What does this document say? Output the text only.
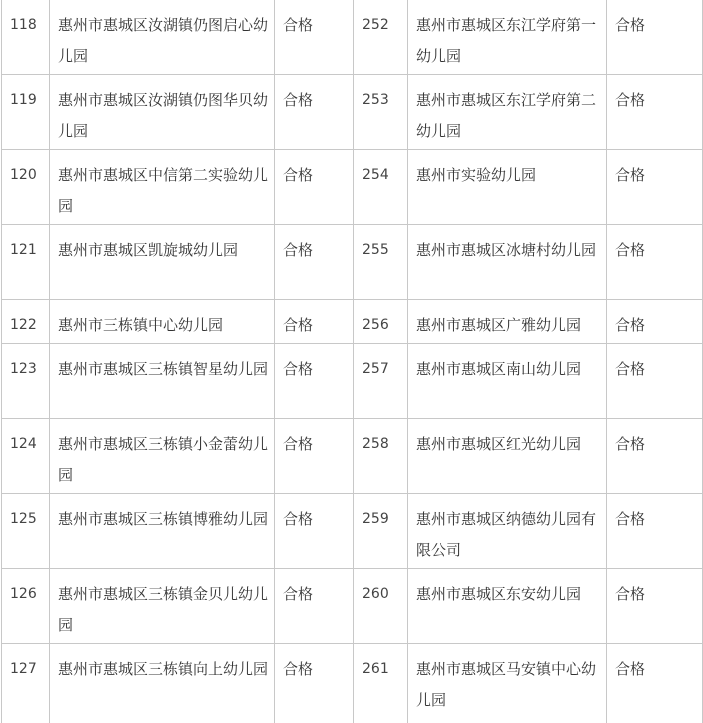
118	惠州市惠城区汝湖镇仍图启心幼儿园	合格	252	惠州市惠城区东江学府第一幼儿园	合格
119	惠州市惠城区汝湖镇仍图华贝幼儿园	合格	253	惠州市惠城区东江学府第二幼儿园	合格
120	惠州市惠城区中信第二实验幼儿园	合格	254	惠州市实验幼儿园	合格
121	惠州市惠城区凯旋城幼儿园	合格	255	惠州市惠城区冰塘村幼儿园	合格
122	惠州市三栋镇中心幼儿园	合格	256	惠州市惠城区广雅幼儿园	合格
123	惠州市惠城区三栋镇智星幼儿园	合格	257	惠州市惠城区南山幼儿园	合格
124	惠州市惠城区三栋镇小金蕾幼儿园	合格	258	惠州市惠城区红光幼儿园	合格
125	惠州市惠城区三栋镇博雅幼儿园	合格	259	惠州市惠城区纳德幼儿园有限公司	合格
126	惠州市惠城区三栋镇金贝儿幼儿园	合格	260	惠州市惠城区东安幼儿园	合格
127	惠州市惠城区三栋镇向上幼儿园	合格	261	惠州市惠城区马安镇中心幼儿园	合格
